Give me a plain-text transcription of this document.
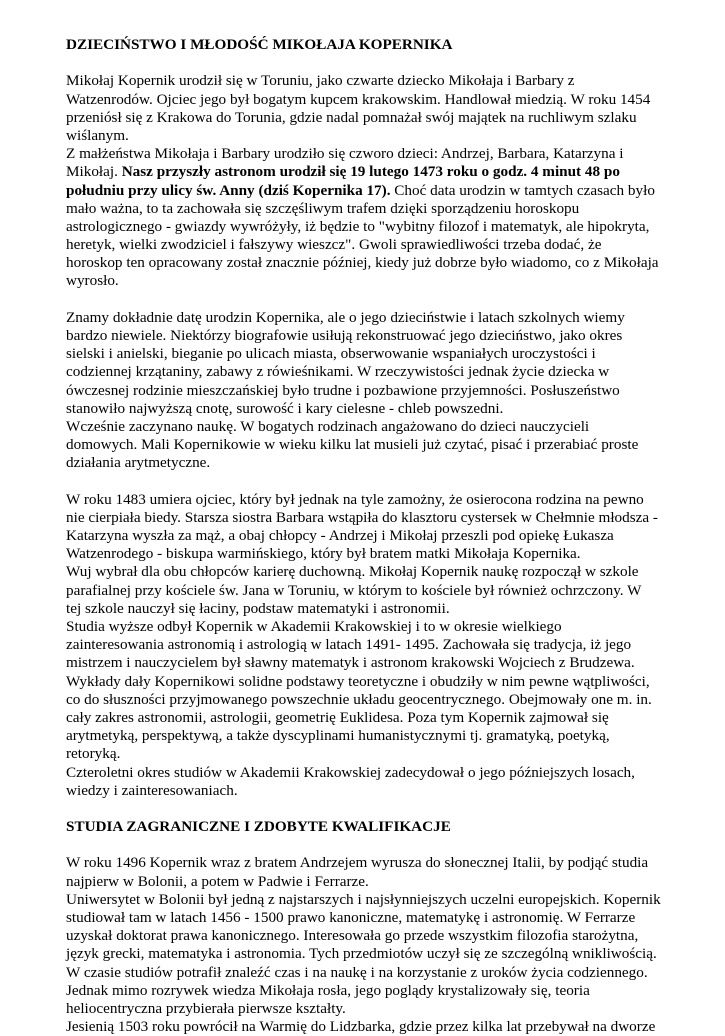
DZIECIŃSTWO I MŁODOŚĆ MIKOŁAJA KOPERNIKA
Mikołaj Kopernik urodził się w Toruniu, jako czwarte dziecko Mikołaja i Barbary z
Watzenrodów. Ojciec jego był bogatym kupcem krakowskim. Handlował miedzią. W roku 1454
przeniósł się z Krakowa do Torunia, gdzie nadal pomnażał swój majątek na ruchliwym szlaku
wiślanym.
Z małżeństwa Mikołaja i Barbary urodziło się czworo dzieci: Andrzej, Barbara, Katarzyna i
Mikołaj. Nasz przyszły astronom urodził się 19 lutego 1473 roku o godz. 4 minut 48 po
południu przy ulicy św. Anny (dziś Kopernika 17). Choć data urodzin w tamtych czasach było
mało ważna, to ta zachowała się szczęśliwym trafem dzięki sporządzeniu horoskopu
astrologicznego - gwiazdy wywróżyły, iż będzie to "wybitny filozof i matematyk, ale hipokryta,
heretyk, wielki zwodziciel i fałszywy wieszcz". Gwoli sprawiedliwości trzeba dodać, że
horoskop ten opracowany został znacznie później, kiedy już dobrze było wiadomo, co z Mikołaja
wyrosło.
Znamy dokładnie datę urodzin Kopernika, ale o jego dzieciństwie i latach szkolnych wiemy
bardzo niewiele. Niektórzy biografowie usiłują rekonstruować jego dzieciństwo, jako okres
sielski i anielski, bieganie po ulicach miasta, obserwowanie wspaniałych uroczystości i
codziennej krzątaniny, zabawy z rówieśnikami. W rzeczywistości jednak życie dziecka w
ówczesnej rodzinie mieszczańskiej było trudne i pozbawione przyjemności. Posłuszeństwo
stanowiło najwyższą cnotę, surowość i kary cielesne - chleb powszedni.
Wcześnie zaczynano naukę. W bogatych rodzinach angażowano do dzieci nauczycieli
domowych. Mali Kopernikowie w wieku kilku lat musieli już czytać, pisać i przerabiać proste
działania arytmetyczne.
W roku 1483 umiera ojciec, który był jednak na tyle zamożny, że osierocona rodzina na pewno
nie cierpiała biedy. Starsza siostra Barbara wstąpiła do klasztoru cystersek w Chełmnie młodsza -
Katarzyna wyszła za mąż, a obaj chłopcy - Andrzej i Mikołaj przeszli pod opiekę Łukasza
Watzenrodego - biskupa warmińskiego, który był bratem matki Mikołaja Kopernika.
Wuj wybrał dla obu chłopców karierę duchowną. Mikołaj Kopernik naukę rozpoczął w szkole
parafialnej przy kościele św. Jana w Toruniu, w którym to kościele był również ochrzczony. W
tej szkole nauczył się łaciny, podstaw matematyki i astronomii.
Studia wyższe odbył Kopernik w Akademii Krakowskiej i to w okresie wielkiego
zainteresowania astronomią i astrologią w latach 1491- 1495. Zachowała się tradycja, iż jego
mistrzem i nauczycielem był sławny matematyk i astronom krakowski Wojciech z Brudzewa.
Wykłady dały Kopernikowi solidne podstawy teoretyczne i obudziły w nim pewne wątpliwości,
co do słuszności przyjmowanego powszechnie układu geocentrycznego. Obejmowały one m. in.
cały zakres astronomii, astrologii, geometrię Euklidesa. Poza tym Kopernik zajmował się
arytmetyką, perspektywą, a także dyscyplinami humanistycznymi tj. gramatyką, poetyką,
retoryką.
Czteroletni okres studiów w Akademii Krakowskiej zadecydował o jego późniejszych losach,
wiedzy i zainteresowaniach.
STUDIA ZAGRANICZNE I ZDOBYTE KWALIFIKACJE
W roku 1496 Kopernik wraz z bratem Andrzejem wyrusza do słonecznej Italii, by podjąć studia
najpierw w Bolonii, a potem w Padwie i Ferrarze.
Uniwersytet w Bolonii był jedną z najstarszych i najsłynniejszych uczelni europejskich. Kopernik
studiował tam w latach 1456 - 1500 prawo kanoniczne, matematykę i astronomię. W Ferrarze
uzyskał doktorat prawa kanonicznego. Interesowała go przede wszystkim filozofia starożytna,
język grecki, matematyka i astronomia. Tych przedmiotów uczył się ze szczególną wnikliwością.
W czasie studiów potrafił znaleźć czas i na naukę i na korzystanie z uroków życia codziennego.
Jednak mimo rozrywek wiedza Mikołaja rosła, jego poglądy krystalizowały się, teoria
heliocentryczna przybierała pierwsze kształty.
Jesienią 1503 roku powrócił na Warmię do Lidzbarka, gdzie przez kilka lat przebywał na dworze
